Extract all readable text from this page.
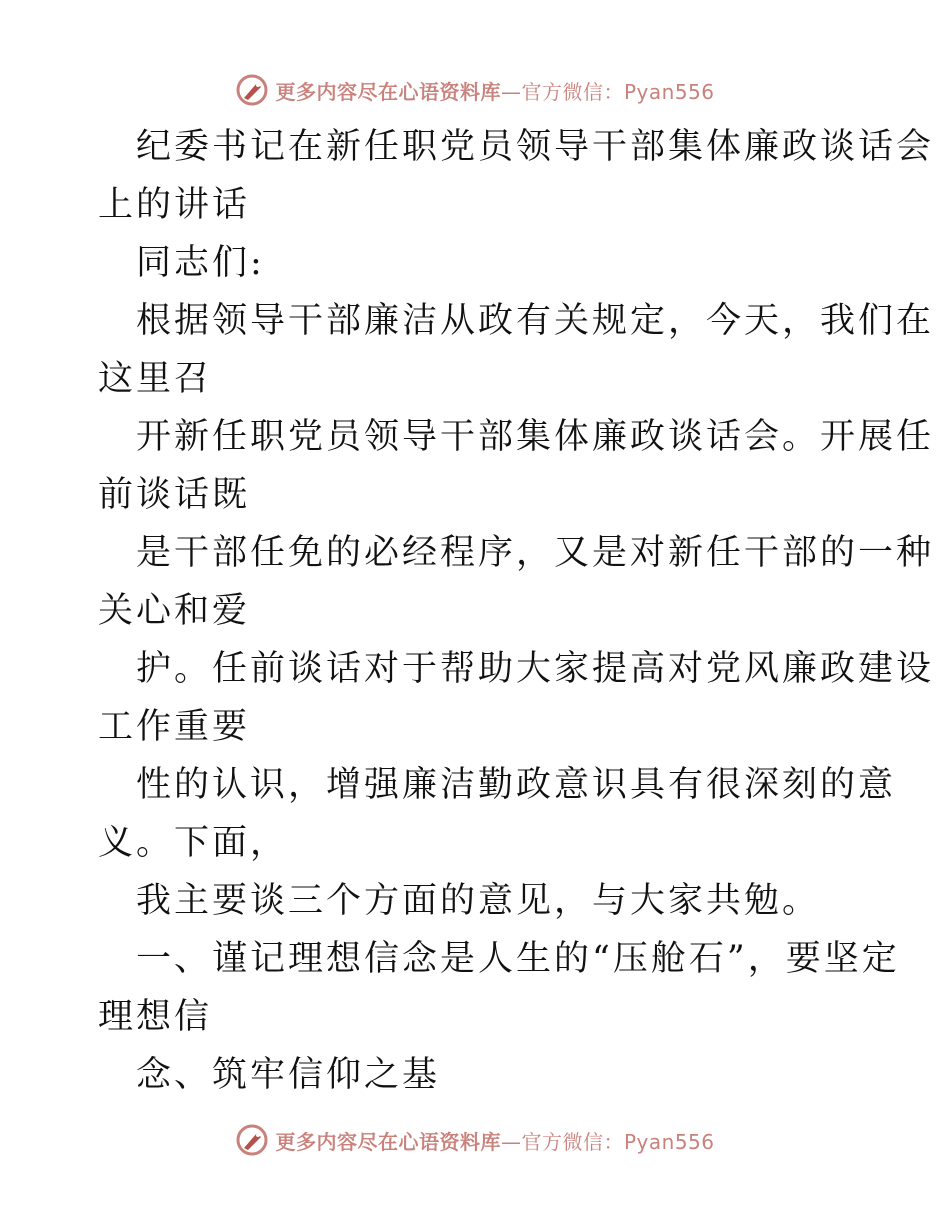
更多内容尽在心语资料库—官方微信：Pyan556

纪委书记在新任职党员领导干部集体廉政谈话会
上的讲话

同志们:

根据领导干部廉洁从政有关规定，今天，我们在
这里召

开新任职党员领导干部集体廉政谈话会。开展任
前谈话既

是干部任免的必经程序，又是对新任干部的一种
关心和爱

护。任前谈话对于帮助大家提高对党风廉政建设
工作重要

性的认识，增强廉洁勤政意识具有很深刻的意
义。下面，

我主要谈三个方面的意见，与大家共勉。

一、谨记理想信念是人生的“压舱石”，要坚定
理想信

念、筑牢信仰之基

更多内容尽在心语资料库—官方微信：Pyan556
